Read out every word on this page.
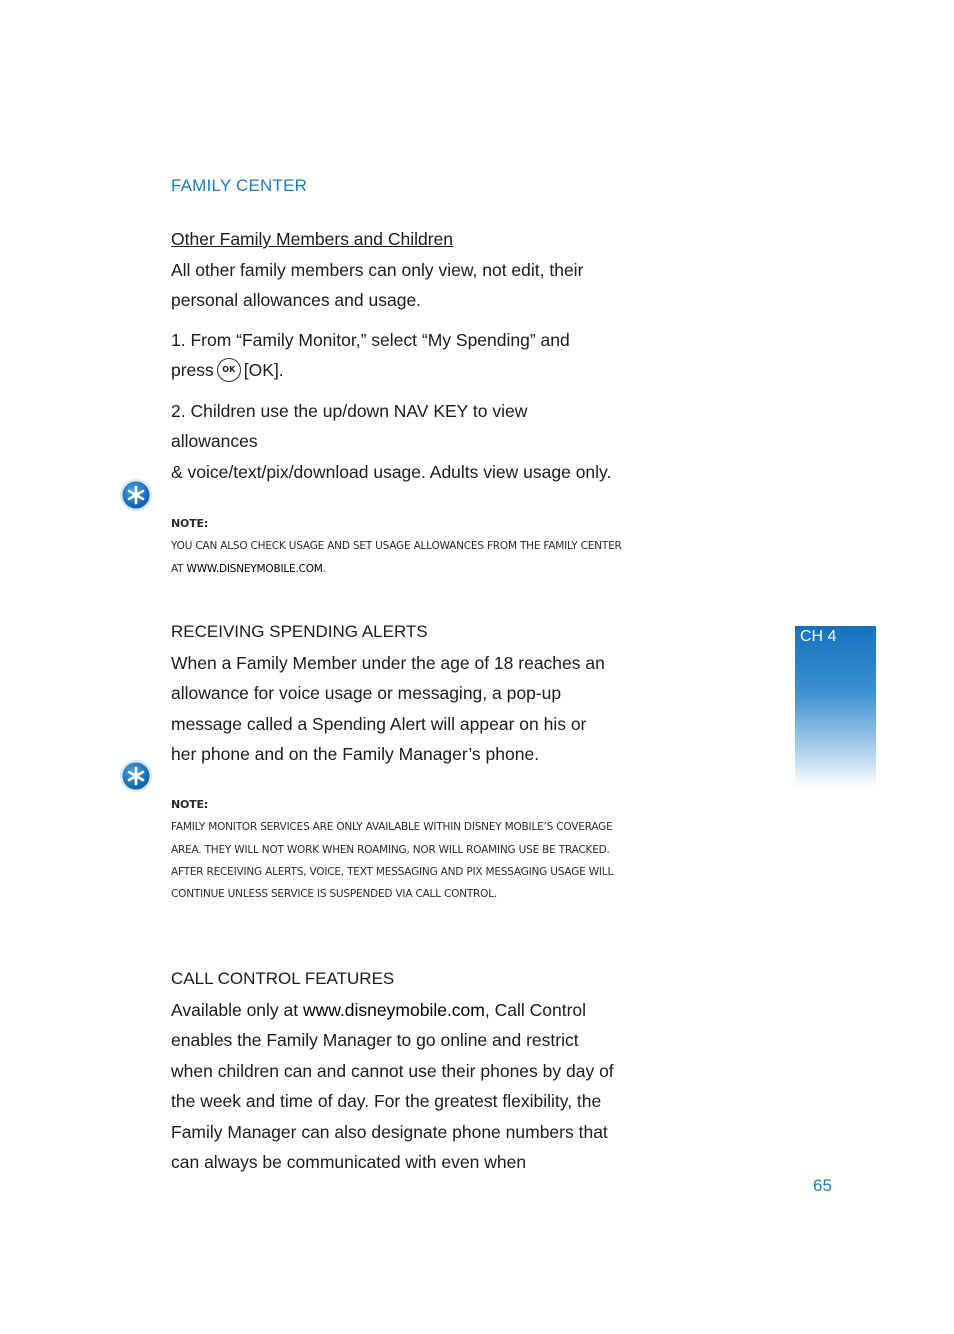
FAMILY CENTER
Other Family Members and Children
All other family members can only view, not edit, their personal allowances and usage.
1. From “Family Monitor,” select “My Spending” and press OK [OK].
2. Children use the up/down NAV KEY to view allowances
& voice/text/pix/download usage. Adults view usage only.
NOTE:
YOU CAN ALSO CHECK USAGE AND SET USAGE ALLOWANCES FROM THE FAMILY CENTER AT WWW.DISNEYMOBILE.COM.
RECEIVING SPENDING ALERTS
When a Family Member under the age of 18 reaches an allowance for voice usage or messaging, a pop-up message called a Spending Alert will appear on his or her phone and on the Family Manager’s phone.
NOTE:
FAMILY MONITOR SERVICES ARE ONLY AVAILABLE WITHIN DISNEY MOBILE’S COVERAGE AREA. THEY WILL NOT WORK WHEN ROAMING, NOR WILL ROAMING USE BE TRACKED. AFTER RECEIVING ALERTS, VOICE, TEXT MESSAGING AND PIX MESSAGING USAGE WILL CONTINUE UNLESS SERVICE IS SUSPENDED VIA CALL CONTROL.
CALL CONTROL FEATURES
Available only at www.disneymobile.com, Call Control enables the Family Manager to go online and restrict when children can and cannot use their phones by day of the week and time of day. For the greatest flexibility, the Family Manager can also designate phone numbers that can always be communicated with even when
CH 4
65
